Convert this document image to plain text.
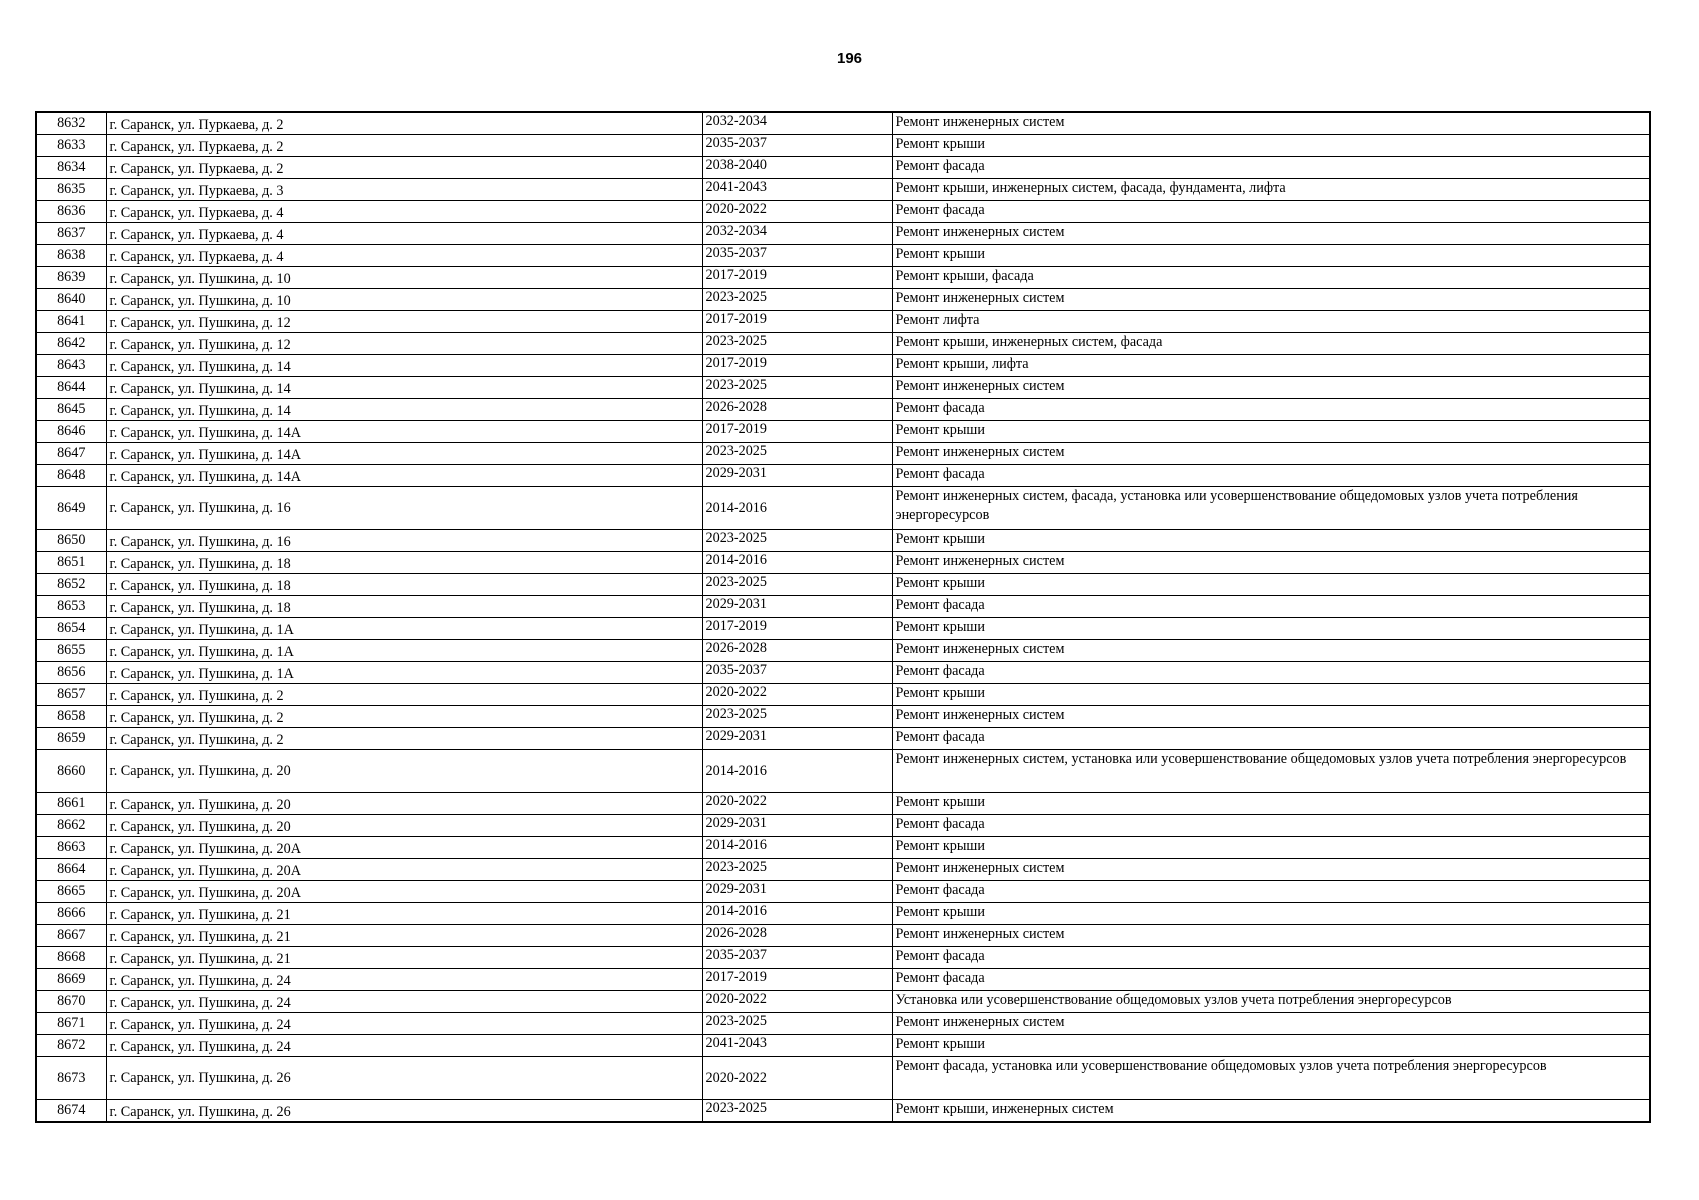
196
8632	г. Саранск, ул. Пуркаева, д. 2	2032-2034	Ремонт инженерных систем
8633	г. Саранск, ул. Пуркаева, д. 2	2035-2037	Ремонт крыши
8634	г. Саранск, ул. Пуркаева, д. 2	2038-2040	Ремонт фасада
8635	г. Саранск, ул. Пуркаева, д. 3	2041-2043	Ремонт крыши, инженерных систем, фасада, фундамента, лифта
8636	г. Саранск, ул. Пуркаева, д. 4	2020-2022	Ремонт фасада
8637	г. Саранск, ул. Пуркаева, д. 4	2032-2034	Ремонт инженерных систем
8638	г. Саранск, ул. Пуркаева, д. 4	2035-2037	Ремонт крыши
8639	г. Саранск, ул. Пушкина, д. 10	2017-2019	Ремонт крыши, фасада
8640	г. Саранск, ул. Пушкина, д. 10	2023-2025	Ремонт инженерных систем
8641	г. Саранск, ул. Пушкина, д. 12	2017-2019	Ремонт лифта
8642	г. Саранск, ул. Пушкина, д. 12	2023-2025	Ремонт крыши, инженерных систем, фасада
8643	г. Саранск, ул. Пушкина, д. 14	2017-2019	Ремонт крыши, лифта
8644	г. Саранск, ул. Пушкина, д. 14	2023-2025	Ремонт инженерных систем
8645	г. Саранск, ул. Пушкина, д. 14	2026-2028	Ремонт фасада
8646	г. Саранск, ул. Пушкина, д. 14А	2017-2019	Ремонт крыши
8647	г. Саранск, ул. Пушкина, д. 14А	2023-2025	Ремонт инженерных систем
8648	г. Саранск, ул. Пушкина, д. 14А	2029-2031	Ремонт фасада
8649	г. Саранск, ул. Пушкина, д. 16	2014-2016	Ремонт инженерных систем, фасада, установка или усовершенствование общедомовых узлов учета потребления энергоресурсов
8650	г. Саранск, ул. Пушкина, д. 16	2023-2025	Ремонт крыши
8651	г. Саранск, ул. Пушкина, д. 18	2014-2016	Ремонт инженерных систем
8652	г. Саранск, ул. Пушкина, д. 18	2023-2025	Ремонт крыши
8653	г. Саранск, ул. Пушкина, д. 18	2029-2031	Ремонт фасада
8654	г. Саранск, ул. Пушкина, д. 1А	2017-2019	Ремонт крыши
8655	г. Саранск, ул. Пушкина, д. 1А	2026-2028	Ремонт инженерных систем
8656	г. Саранск, ул. Пушкина, д. 1А	2035-2037	Ремонт фасада
8657	г. Саранск, ул. Пушкина, д. 2	2020-2022	Ремонт крыши
8658	г. Саранск, ул. Пушкина, д. 2	2023-2025	Ремонт инженерных систем
8659	г. Саранск, ул. Пушкина, д. 2	2029-2031	Ремонт фасада
8660	г. Саранск, ул. Пушкина, д. 20	2014-2016	Ремонт инженерных систем, установка или усовершенствование общедомовых узлов учета потребления энергоресурсов
8661	г. Саранск, ул. Пушкина, д. 20	2020-2022	Ремонт крыши
8662	г. Саранск, ул. Пушкина, д. 20	2029-2031	Ремонт фасада
8663	г. Саранск, ул. Пушкина, д. 20А	2014-2016	Ремонт крыши
8664	г. Саранск, ул. Пушкина, д. 20А	2023-2025	Ремонт инженерных систем
8665	г. Саранск, ул. Пушкина, д. 20А	2029-2031	Ремонт фасада
8666	г. Саранск, ул. Пушкина, д. 21	2014-2016	Ремонт крыши
8667	г. Саранск, ул. Пушкина, д. 21	2026-2028	Ремонт инженерных систем
8668	г. Саранск, ул. Пушкина, д. 21	2035-2037	Ремонт фасада
8669	г. Саранск, ул. Пушкина, д. 24	2017-2019	Ремонт фасада
8670	г. Саранск, ул. Пушкина, д. 24	2020-2022	Установка или усовершенствование общедомовых узлов учета потребления энергоресурсов
8671	г. Саранск, ул. Пушкина, д. 24	2023-2025	Ремонт инженерных систем
8672	г. Саранск, ул. Пушкина, д. 24	2041-2043	Ремонт крыши
8673	г. Саранск, ул. Пушкина, д. 26	2020-2022	Ремонт фасада, установка или усовершенствование общедомовых узлов учета потребления энергоресурсов
8674	г. Саранск, ул. Пушкина, д. 26	2023-2025	Ремонт крыши, инженерных систем
